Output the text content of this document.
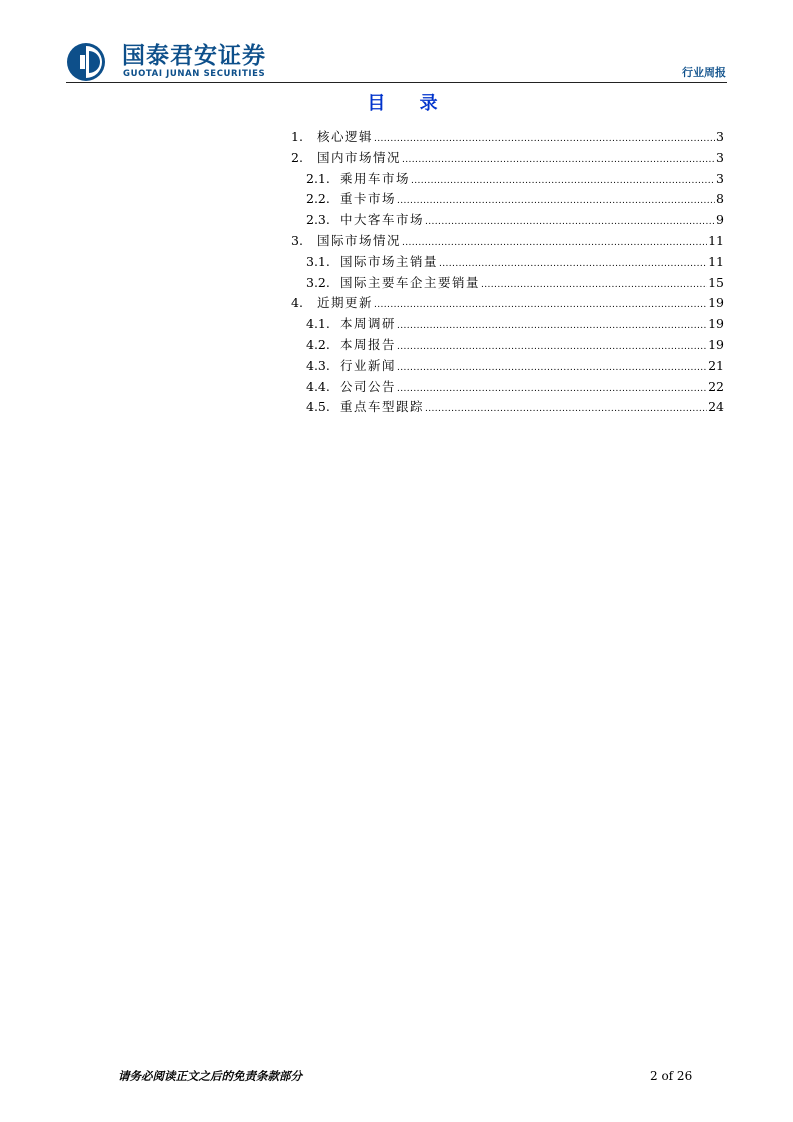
国泰君安证券
GUOTAI JUNAN SECURITIES	行业周报
目 录
1.	核心逻辑 .....	3
2.	国内市场情况 .....	3
2.1. 乘用车市场 .....	3
2.2. 重卡市场 .....	8
2.3. 中大客车市场 .....	9
3.	国际市场情况 .....	11
3.1. 国际市场主销量 .....	11
3.2. 国际主要车企主要销量 .....	15
4.	近期更新 .....	19
4.1. 本周调研 .....	19
4.2. 本周报告 .....	19
4.3. 行业新闻 .....	21
4.4. 公司公告 .....	22
4.5. 重点车型跟踪 .....	24
请务必阅读正文之后的免责条款部分	2 of 26
